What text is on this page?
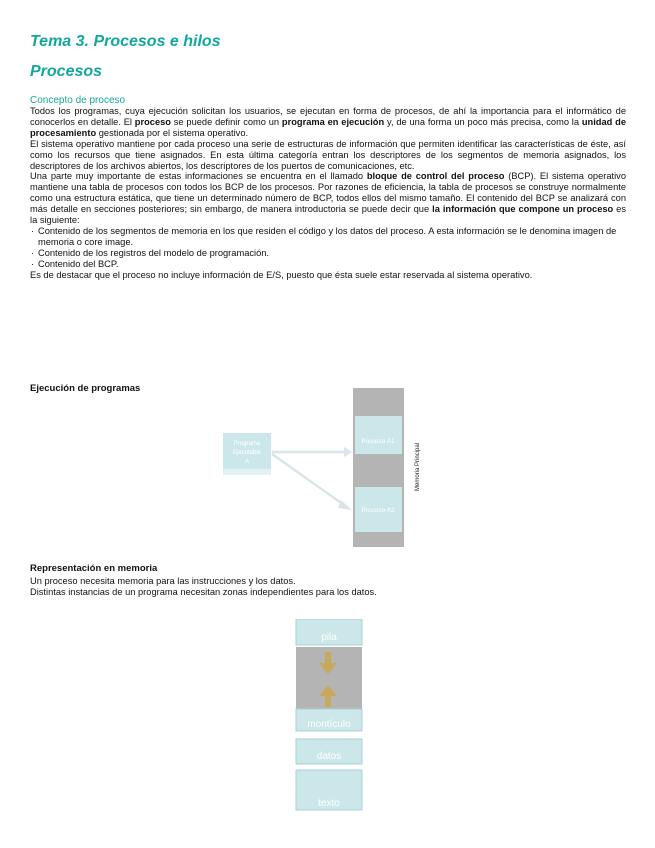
Tema 3. Procesos e hilos
Procesos
Concepto de proceso

Todos los programas, cuya ejecución solicitan los usuarios, se ejecutan en forma de procesos, de ahí la importancia para el informático de conocerlos en detalle. El proceso se puede definir como un programa en ejecución y, de una forma un poco más precisa, como la unidad de procesamiento gestionada por el sistema operativo.

El sistema operativo mantiene por cada proceso una serie de estructuras de información que permiten identificar las características de éste, así como los recursos que tiene asignados. En esta última categoría entran los descriptores de los segmentos de memoria asignados, los descriptores de los archivos abiertos, los descriptores de los puertos de comunicaciones, etc.

Una parte muy importante de estas informaciones se encuentra en el llamado bloque de control del proceso (BCP). El sistema operativo mantiene una tabla de procesos con todos los BCP de los procesos. Por razones de eficiencia, la tabla de procesos se construye normalmente como una estructura estática, que tiene un determinado número de BCP, todos ellos del mismo tamaño. El contenido del BCP se analizará con más detalle en secciones posteriores; sin embargo, de manera introductoria se puede decir que la información que compone un proceso es la siguiente:

· Contenido de los segmentos de memoria en los que residen el código y los datos del proceso. A esta información se le denomina imagen de memoria o core image.
· Contenido de los registros del modelo de programación.
· Contenido del BCP.

Es de destacar que el proceso no incluye información de E/S, puesto que ésta suele estar reservada al sistema operativo.

Ejecución de programas
Proceso A1
Proceso A2
Memoria Principal
Programa
Ejecutable
A
Representación en memoria

Un proceso necesita memoria para las instrucciones y los datos.

Distintas instancias de un programa necesitan zonas independientes para los datos.

pila
montículo
datos
texto
